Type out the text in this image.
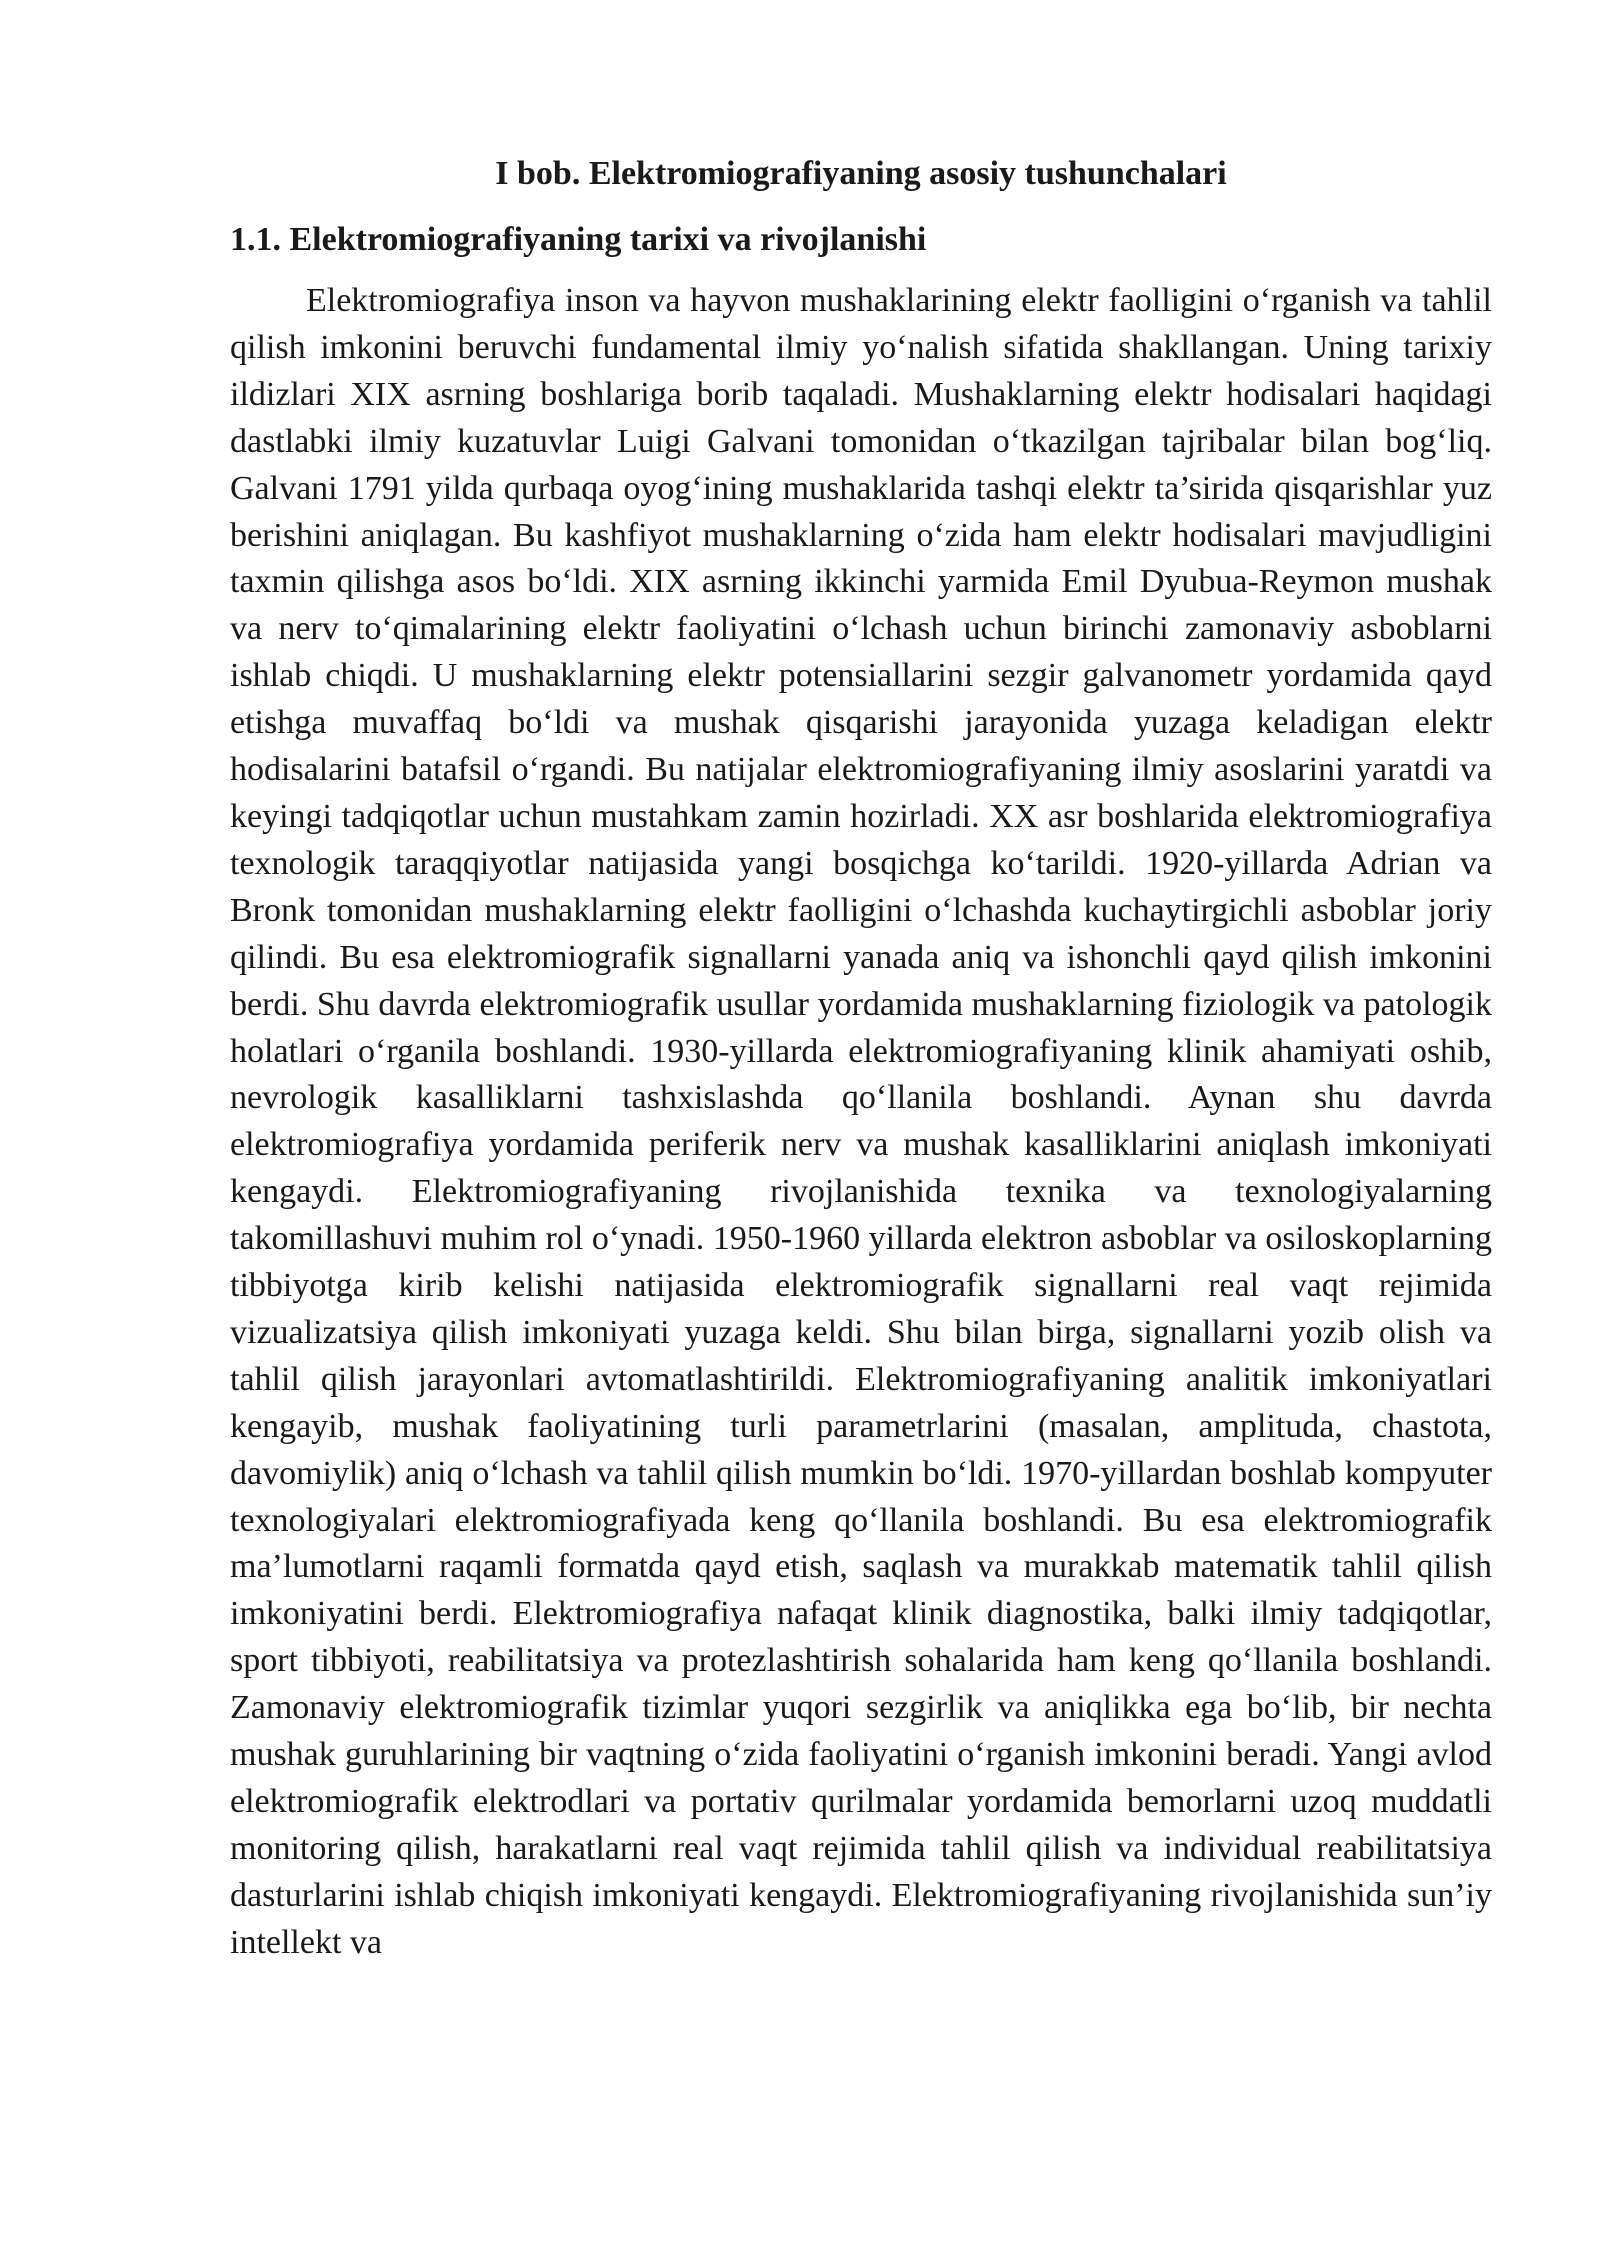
I bob. Elektromiografiyaning asosiy tushunchalari
1.1. Elektromiografiyaning tarixi va rivojlanishi

Elektromiografiya inson va hayvon mushaklarining elektr faolligini o‘rganish va tahlil qilish imkonini beruvchi fundamental ilmiy yo‘nalish sifatida shakllangan. Uning tarixiy ildizlari XIX asrning boshlariga borib taqaladi. Mushaklarning elektr hodisalari haqidagi dastlabki ilmiy kuzatuvlar Luigi Galvani tomonidan o‘tkazilgan tajribalar bilan bog‘liq. Galvani 1791 yilda qurbaqa oyog‘ining mushaklarida tashqi elektr ta’sirida qisqarishlar yuz berishini aniqlagan. Bu kashfiyot mushaklarning o‘zida ham elektr hodisalari mavjudligini taxmin qilishga asos bo‘ldi. XIX asrning ikkinchi yarmida Emil Dyubua-Reymon mushak va nerv to‘qimalarining elektr faoliyatini o‘lchash uchun birinchi zamonaviy asboblarni ishlab chiqdi. U mushaklarning elektr potensiallarini sezgir galvanometr yordamida qayd etishga muvaffaq bo‘ldi va mushak qisqarishi jarayonida yuzaga keladigan elektr hodisalarini batafsil o‘rgandi. Bu natijalar elektromiografiyaning ilmiy asoslarini yaratdi va keyingi tadqiqotlar uchun mustahkam zamin hozirladi. XX asr boshlarida elektromiografiya texnologik taraqqiyotlar natijasida yangi bosqichga ko‘tarildi. 1920-yillarda Adrian va Bronk tomonidan mushaklarning elektr faolligini o‘lchashda kuchaytirgichli asboblar joriy qilindi. Bu esa elektromiografik signallarni yanada aniq va ishonchli qayd qilish imkonini berdi. Shu davrda elektromiografik usullar yordamida mushaklarning fiziologik va patologik holatlari o‘rganila boshlandi. 1930-yillarda elektromiografiyaning klinik ahamiyati oshib, nevrologik kasalliklarni tashxislashda qo‘llanila boshlandi. Aynan shu davrda elektromiografiya yordamida periferik nerv va mushak kasalliklarini aniqlash imkoniyati kengaydi. Elektromiografiyaning rivojlanishida texnika va texnologiyalarning takomillashuvi muhim rol o‘ynadi. 1950-1960 yillarda elektron asboblar va osiloskoplarning tibbiyotga kirib kelishi natijasida elektromiografik signallarni real vaqt rejimida vizualizatsiya qilish imkoniyati yuzaga keldi. Shu bilan birga, signallarni yozib olish va tahlil qilish jarayonlari avtomatlashtirildi. Elektromiografiyaning analitik imkoniyatlari kengayib, mushak faoliyatining turli parametrlarini (masalan, amplituda, chastota, davomiylik) aniq o‘lchash va tahlil qilish mumkin bo‘ldi. 1970-yillardan boshlab kompyuter texnologiyalari elektromiografiyada keng qo‘llanila boshlandi. Bu esa elektromiografik ma’lumotlarni raqamli formatda qayd etish, saqlash va murakkab matematik tahlil qilish imkoniyatini berdi. Elektromiografiya nafaqat klinik diagnostika, balki ilmiy tadqiqotlar, sport tibbiyoti, reabilitatsiya va protezlashtirish sohalarida ham keng qo‘llanila boshlandi. Zamonaviy elektromiografik tizimlar yuqori sezgirlik va aniqlikka ega bo‘lib, bir nechta mushak guruhlarining bir vaqtning o‘zida faoliyatini o‘rganish imkonini beradi. Yangi avlod elektromiografik elektrodlari va portativ qurilmalar yordamida bemorlarni uzoq muddatli monitoring qilish, harakatlarni real vaqt rejimida tahlil qilish va individual reabilitatsiya dasturlarini ishlab chiqish imkoniyati kengaydi. Elektromiografiyaning rivojlanishida sun’iy intellekt va
